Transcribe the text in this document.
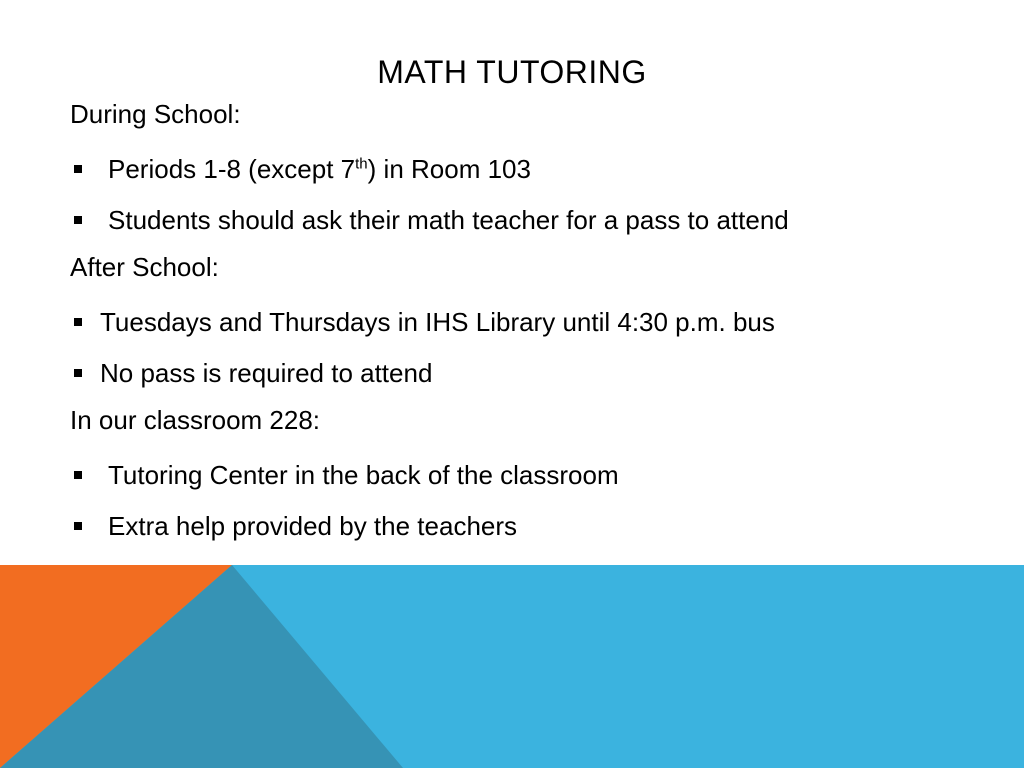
MATH TUTORING
During School:
Periods 1-8 (except 7th) in Room 103
Students should ask their math teacher for a pass to attend
After School:
Tuesdays and Thursdays in IHS Library until 4:30 p.m. bus
No pass is required to attend
In our classroom 228:
Tutoring Center in the back of the classroom
Extra help provided by the teachers
